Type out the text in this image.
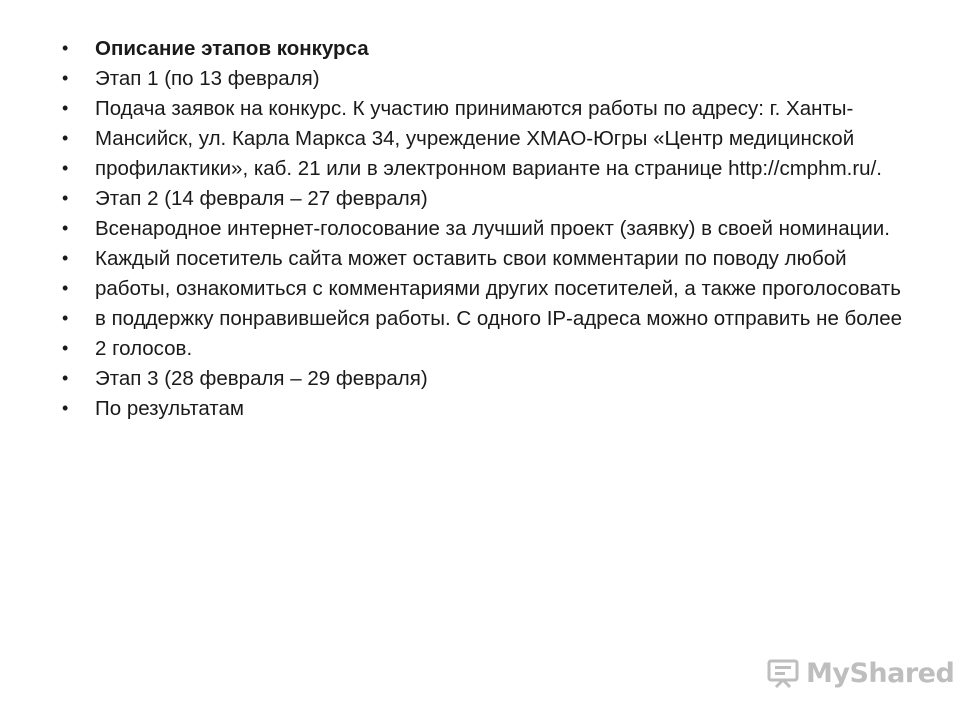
• Описание этапов конкурса
• Этап 1 (по 13 февраля)
• Подача заявок на конкурс. К участию принимаются работы по адресу: г. Ханты-
• Мансийск, ул. Карла Маркса 34, учреждение ХМАО-Югры «Центр медицинской
• профилактики», каб. 21 или в электронном варианте на странице http://cmphm.ru/.
• Этап 2 (14 февраля – 27 февраля)
• Всенародное интернет-голосование за лучший проект (заявку) в своей номинации.
• Каждый посетитель сайта может оставить свои комментарии по поводу любой
• работы, ознакомиться с комментариями других посетителей, а также проголосовать
• в поддержку понравившейся работы. С одного IP-адреса можно отправить не более
• 2 голосов.
• Этап 3 (28 февраля – 29 февраля)
• По результатам
MyShared
